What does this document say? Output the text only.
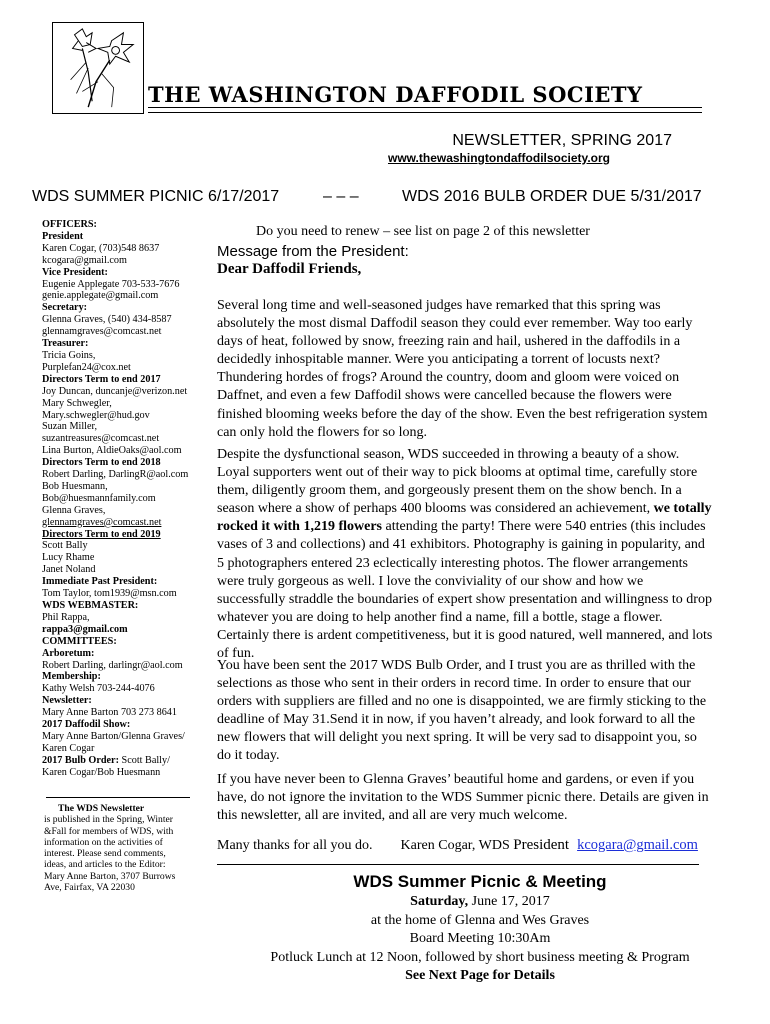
THE WASHINGTON DAFFODIL SOCIETY
NEWSLETTER, SPRING 2017
www.thewashingtondaffodilsociety.org
WDS SUMMER PICNIC 6/17/2017	– – –	WDS 2016 BULB ORDER DUE 5/31/2017
OFFICERS:
President
Karen Cogar, (703)548 8637
kcogara@gmail.com
Vice President:
Eugenie Applegate 703-533-7676
genie.applegate@gmail.com
Secretary:
Glenna Graves, (540) 434-8587
glennamgraves@comcast.net
Treasurer:
Tricia Goins,
Purplefan24@cox.net
Directors Term to end 2017
Joy Duncan, duncanje@verizon.net
Mary Schwegler,
Mary.schwegler@hud.gov
Suzan Miller,
suzantreasures@comcast.net
Lina Burton, AldieOaks@aol.com
Directors Term to end 2018
Robert Darling, DarlingR@aol.com
Bob Huesmann,
Bob@huesmannfamily.com
Glenna Graves,
glennamgraves@comcast.net
Directors Term to end 2019
Scott Bally
Lucy Rhame
Janet Noland
Immediate Past President:
Tom Taylor, tom1939@msn.com
WDS WEBMASTER:
Phil Rappa,
rappa3@gmail.com
COMMITTEES:
Arboretum:
Robert Darling, darlingr@aol.com
Membership:
Kathy Welsh 703-244-4076
Newsletter:
Mary Anne Barton 703 273 8641
2017 Daffodil Show:
Mary Anne Barton/Glenna Graves/
Karen Cogar
2017 Bulb Order: Scott Bally/
Karen Cogar/Bob Huesmann
The WDS Newsletter
is published in the Spring, Winter
&Fall for members of WDS, with
information on the activities of
interest. Please send comments,
ideas, and articles to the Editor:
Mary Anne Barton, 3707 Burrows
Ave, Fairfax, VA 22030
Do you need to renew – see list on page 2 of this newsletter
Message from the President:
Dear Daffodil Friends,
Several long time and well-seasoned judges have remarked that this spring was
absolutely the most dismal Daffodil season they could ever remember. Way too early
days of heat, followed by snow, freezing rain and hail, ushered in the daffodils in a
decidedly inhospitable manner. Were you anticipating a torrent of locusts next?
Thundering hordes of frogs? Around the country, doom and gloom were voiced on
Daffnet, and even a few Daffodil shows were cancelled because the flowers were
finished blooming weeks before the day of the show. Even the best refrigeration system
can only hold the flowers for so long.
Despite the dysfunctional season, WDS succeeded in throwing a beauty of a show.
Loyal supporters went out of their way to pick blooms at optimal time, carefully store
them, diligently groom them, and gorgeously present them on the show bench. In a
season where a show of perhaps 400 blooms was considered an achievement, we totally
rocked it with 1,219 flowers attending the party! There were 540 entries (this includes
vases of 3 and collections) and 41 exhibitors. Photography is gaining in popularity, and
5 photographers entered 23 eclectically interesting photos. The flower arrangements
were truly gorgeous as well. I love the conviviality of our show and how we
successfully straddle the boundaries of expert show presentation and willingness to drop
whatever you are doing to help another find a name, fill a bottle, stage a flower.
Certainly there is ardent competitiveness, but it is good natured, well mannered, and lots
of fun.
You have been sent the 2017 WDS Bulb Order, and I trust you are as thrilled with the
selections as those who sent in their orders in record time. In order to ensure that our
orders with suppliers are filled and no one is disappointed, we are firmly sticking to the
deadline of May 31.Send it in now, if you haven’t already, and look forward to all the
new flowers that will delight you next spring. It will be very sad to disappoint you, so
do it today.
If you have never been to Glenna Graves’ beautiful home and gardens, or even if you
have, do not ignore the invitation to the WDS Summer picnic there. Details are given in
this newsletter, all are invited, and all are very much welcome.
Many thanks for all you do. Karen Cogar, WDS President kcogara@gmail.com
WDS Summer Picnic & Meeting
Saturday, June 17, 2017
at the home of Glenna and Wes Graves
Board Meeting 10:30Am
Potluck Lunch at 12 Noon, followed by short business meeting & Program
See Next Page for Details
